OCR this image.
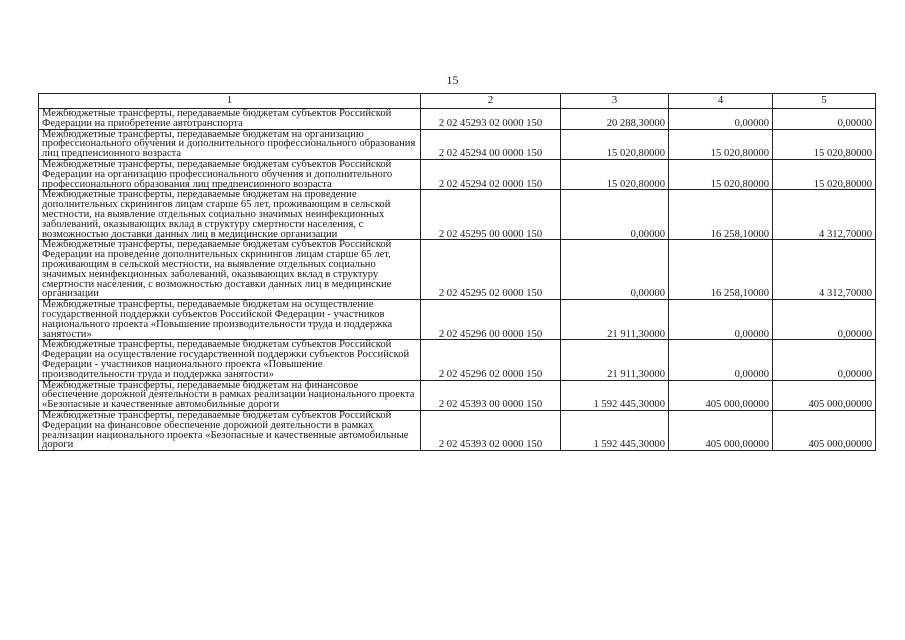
15
1	2	3	4	5
Межбюджетные трансферты, передаваемые бюджетам субъектов Российской Федерации на приобретение автотранспорта	2 02 45293 02 0000 150	20 288,30000	0,00000	0,00000
Межбюджетные трансферты, передаваемые бюджетам на организацию профессионального обучения и дополнительного профессионального образования лиц предпенсионного возраста	2 02 45294 00 0000 150	15 020,80000	15 020,80000	15 020,80000
Межбюджетные трансферты, передаваемые бюджетам субъектов Российской Федерации на организацию профессионального обучения и дополнительного профессионального образования лиц предпенсионного возраста	2 02 45294 02 0000 150	15 020,80000	15 020,80000	15 020,80000
Межбюджетные трансферты, передаваемые бюджетам на проведение дополнительных скринингов лицам старше 65 лет, проживающим в сельской местности, на выявление отдельных социально значимых неинфекционных заболеваний, оказывающих вклад в структуру смертности населения, с возможностью доставки данных лиц в медицинские организации	2 02 45295 00 0000 150	0,00000	16 258,10000	4 312,70000
Межбюджетные трансферты, передаваемые бюджетам субъектов Российской Федерации на проведение дополнительных скринингов лицам старше 65 лет, проживающим в сельской местности, на выявление отдельных социально значимых неинфекционных заболеваний, оказывающих вклад в структуру смертности населения, с возможностью доставки данных лиц в медицинские организации	2 02 45295 02 0000 150	0,00000	16 258,10000	4 312,70000
Межбюджетные трансферты, передаваемые бюджетам на осуществление государственной поддержки субъектов Российской Федерации - участников национального проекта «Повышение производительности труда и поддержка занятости»	2 02 45296 00 0000 150	21 911,30000	0,00000	0,00000
Межбюджетные трансферты, передаваемые бюджетам субъектов Российской Федерации на осуществление государственной поддержки субъектов Российской Федерации - участников национального проекта «Повышение производительности труда и поддержка занятости»	2 02 45296 02 0000 150	21 911,30000	0,00000	0,00000
Межбюджетные трансферты, передаваемые бюджетам на финансовое обеспечение дорожной деятельности в рамках реализации национального проекта «Безопасные и качественные автомобильные дороги	2 02 45393 00 0000 150	1 592 445,30000	405 000,00000	405 000,00000
Межбюджетные трансферты, передаваемые бюджетам субъектов Российской Федерации на финансовое обеспечение дорожной деятельности в рамках реализации национального проекта «Безопасные и качественные автомобильные дороги	2 02 45393 02 0000 150	1 592 445,30000	405 000,00000	405 000,00000
